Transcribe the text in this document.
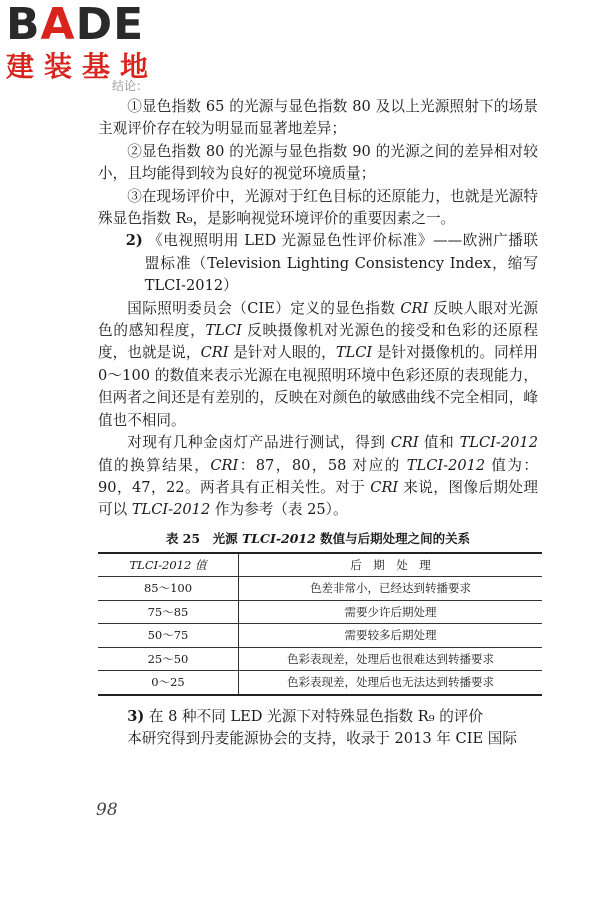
BADE
建装基地
结论：

①显色指数 65 的光源与显色指数 80 及以上光源照射下的场景主观评价存在较为明显而显著地差异；

②显色指数 80 的光源与显色指数 90 的光源之间的差异相对较小，且均能得到较为良好的视觉环境质量；

③在现场评价中，光源对于红色目标的还原能力，也就是光源特殊显色指数 R₉，是影响视觉环境评价的重要因素之一。

2) 《电视照明用 LED 光源显色性评价标准》——欧洲广播联盟标准（Television Lighting Consistency Index，缩写 TLCI-2012）

国际照明委员会（CIE）定义的显色指数 CRI 反映人眼对光源色的感知程度，TLCI 反映摄像机对光源色的接受和色彩的还原程度，也就是说，CRI 是针对人眼的，TLCI 是针对摄像机的。同样用 0～100 的数值来表示光源在电视照明环境中色彩还原的表现能力，但两者之间还是有差别的，反映在对颜色的敏感曲线不完全相同，峰值也不相同。

对现有几种金卤灯产品进行测试，得到 CRI 值和 TLCI-2012 值的换算结果，CRI：87，80，58 对应的 TLCI-2012 值为：90，47，22。两者具有正相关性。对于 CRI 来说，图像后期处理可以 TLCI-2012 作为参考（表 25）。

表 25　光源 TLCI-2012 数值与后期处理之间的关系
TLCI-2012 值	后　期　处　理
85～100	色差非常小，已经达到转播要求
75～85	需要少许后期处理
50～75	需要较多后期处理
25～50	色彩表现差，处理后也很难达到转播要求
0～25	色彩表现差，处理后也无法达到转播要求

3) 在 8 种不同 LED 光源下对特殊显色指数 R₉ 的评价

本研究得到丹麦能源协会的支持，收录于 2013 年 CIE 国际

98
